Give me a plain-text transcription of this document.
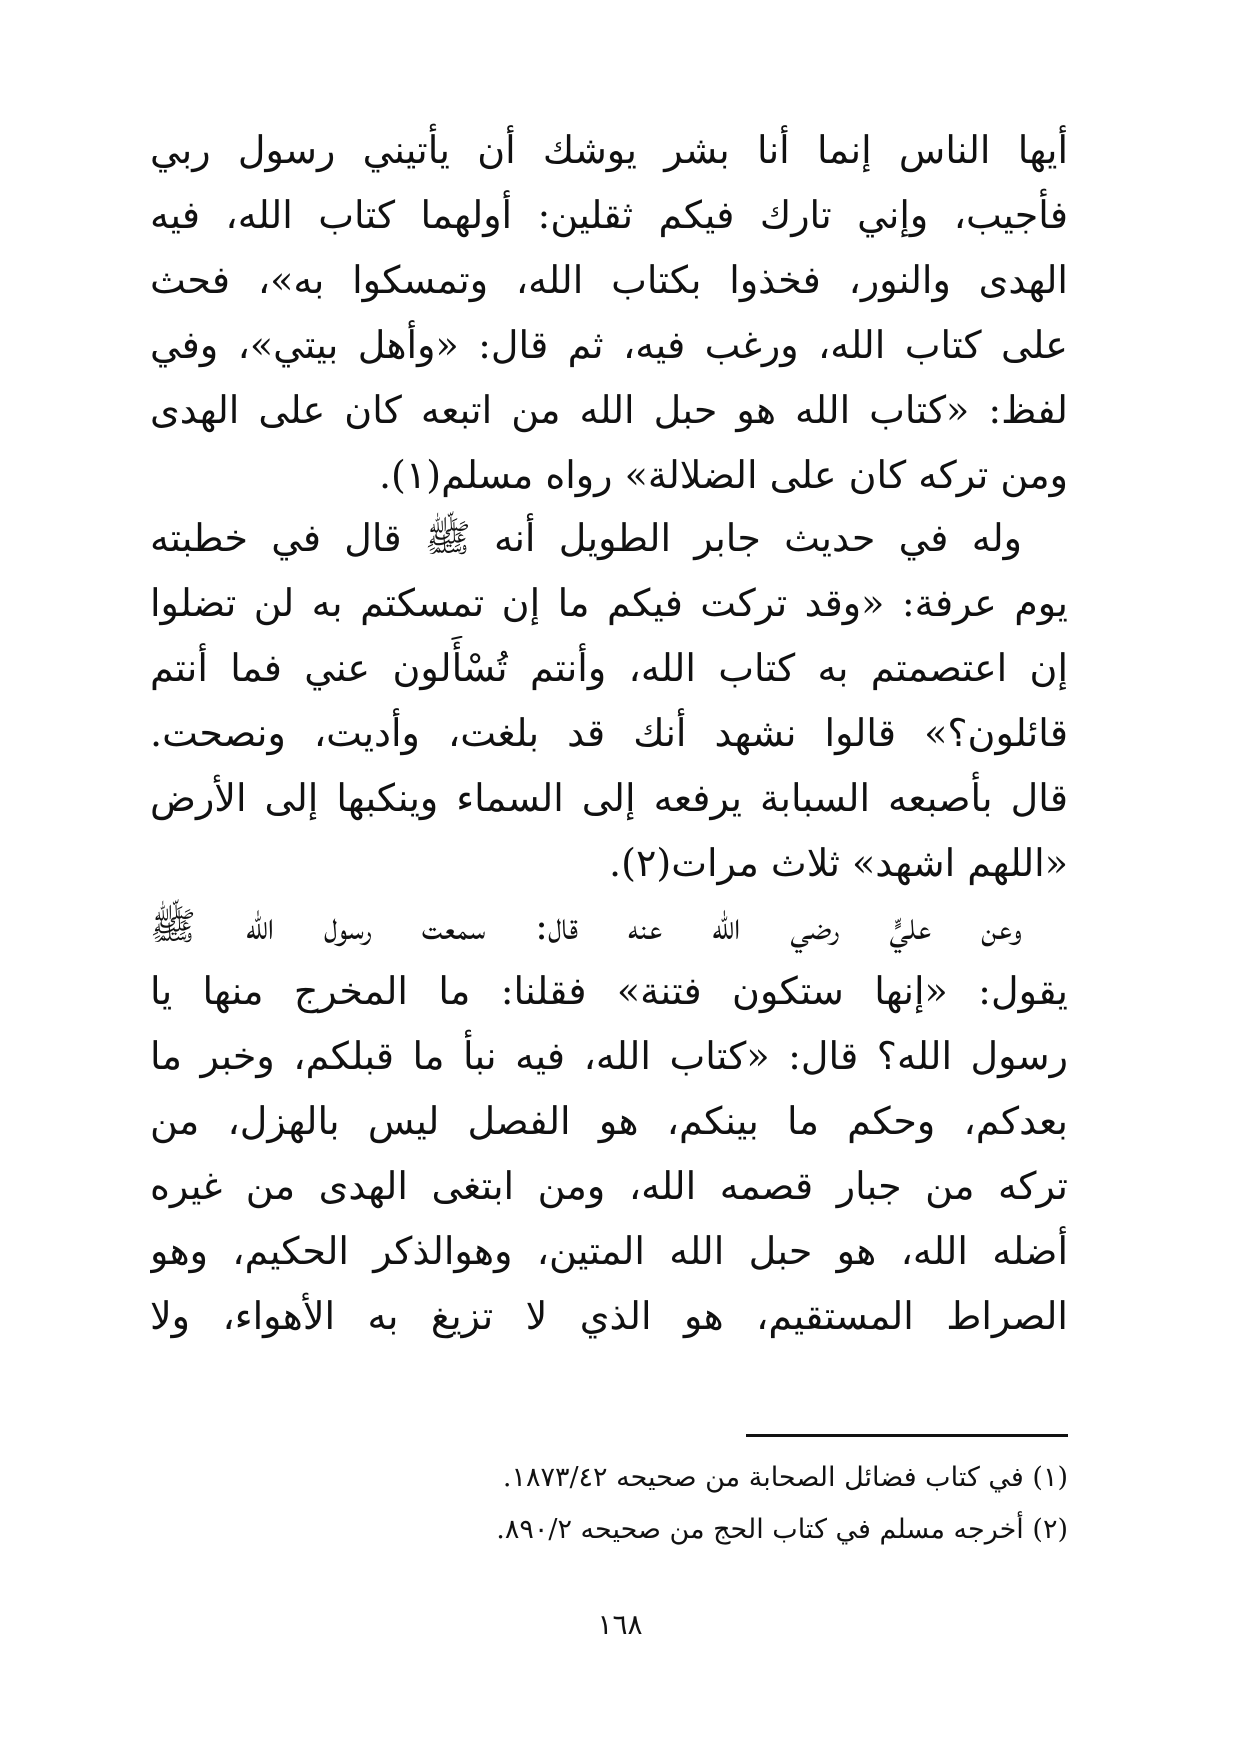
أيها الناس إنما أنا بشر يوشك أن يأتيني رسول ربي
فأجيب، وإني تارك فيكم ثقلين: أولهما كتاب الله، فيه
الهدى والنور، فخذوا بكتاب الله، وتمسكوا به»، فحث
على كتاب الله، ورغب فيه، ثم قال: «وأهل بيتي»، وفي
لفظ: «كتاب الله هو حبل الله من اتبعه كان على الهدى
ومن تركه كان على الضلالة» رواه مسلم(١).
وله في حديث جابر الطويل أنه ﷺ قال في خطبته
يوم عرفة: «وقد تركت فيكم ما إن تمسكتم به لن تضلوا
إن اعتصمتم به كتاب الله، وأنتم تُسْأَلون عني فما أنتم
قائلون؟» قالوا نشهد أنك قد بلغت، وأديت، ونصحت.
قال بأصبعه السبابة يرفعه إلى السماء وينكبها إلى الأرض
«اللهم اشهد» ثلاث مرات(٢).
وعن عليٍّ رضي الله عنه قال: سمعت رسول الله ﷺ
يقول: «إنها ستكون فتنة» فقلنا: ما المخرج منها يا
رسول الله؟ قال: «كتاب الله، فيه نبأ ما قبلكم، وخبر ما
بعدكم، وحكم ما بينكم، هو الفصل ليس بالهزل، من
تركه من جبار قصمه الله، ومن ابتغى الهدى من غيره
أضله الله، هو حبل الله المتين، وهوالذكر الحكيم، وهو
الصراط المستقيم، هو الذي لا تزيغ به الأهواء، ولا
(١) في كتاب فضائل الصحابة من صحيحه ١٨٧٣/٤٢.
(٢) أخرجه مسلم في كتاب الحج من صحيحه ٨٩٠/٢.
١٦٨
